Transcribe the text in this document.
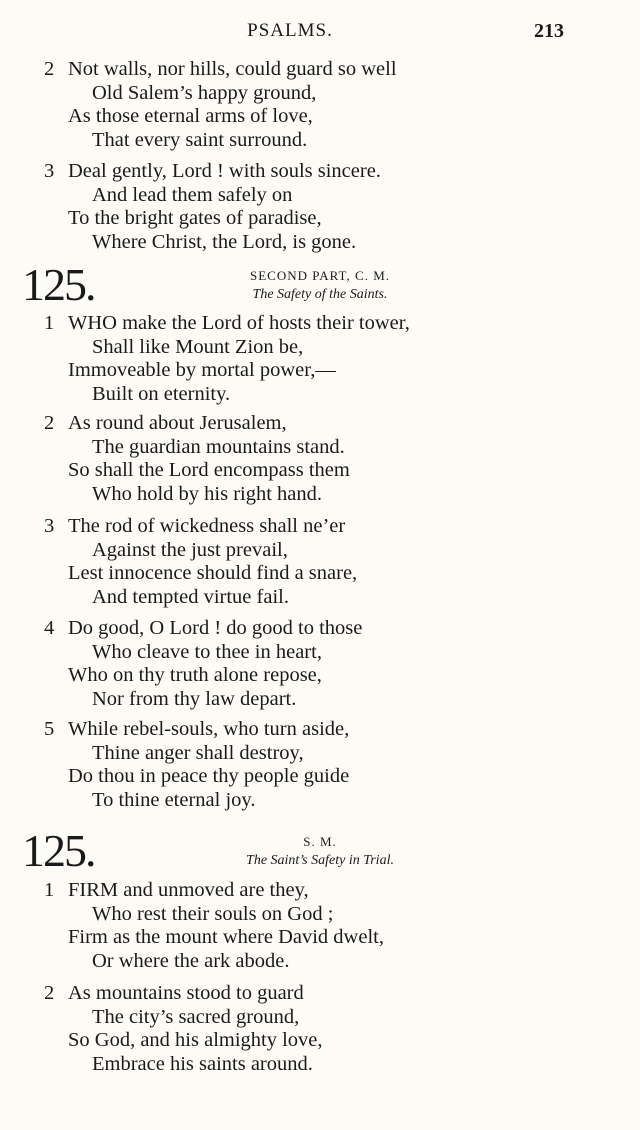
PSALMS.	213
2 Not walls, nor hills, could guard so well
Old Salem’s happy ground,
As those eternal arms of love,
That every saint surround.
3 Deal gently, Lord ! with souls sincere.
And lead them safely on
To the bright gates of paradise,
Where Christ, the Lord, is gone.
125.	SECOND PART, C. M.
The Safety of the Saints.
1 WHO make the Lord of hosts their tower,
Shall like Mount Zion be,
Immoveable by mortal power,—
Built on eternity.
2 As round about Jerusalem,
The guardian mountains stand.
So shall the Lord encompass them
Who hold by his right hand.
3 The rod of wickedness shall ne’er
Against the just prevail,
Lest innocence should find a snare,
And tempted virtue fail.
4 Do good, O Lord ! do good to those
Who cleave to thee in heart,
Who on thy truth alone repose,
Nor from thy law depart.
5 While rebel-souls, who turn aside,
Thine anger shall destroy,
Do thou in peace thy people guide
To thine eternal joy.
125.	S. M.
The Saint’s Safety in Trial.
1 FIRM and unmoved are they,
Who rest their souls on God ;
Firm as the mount where David dwelt,
Or where the ark abode.
2 As mountains stood to guard
The city’s sacred ground,
So God, and his almighty love,
Embrace his saints around.
